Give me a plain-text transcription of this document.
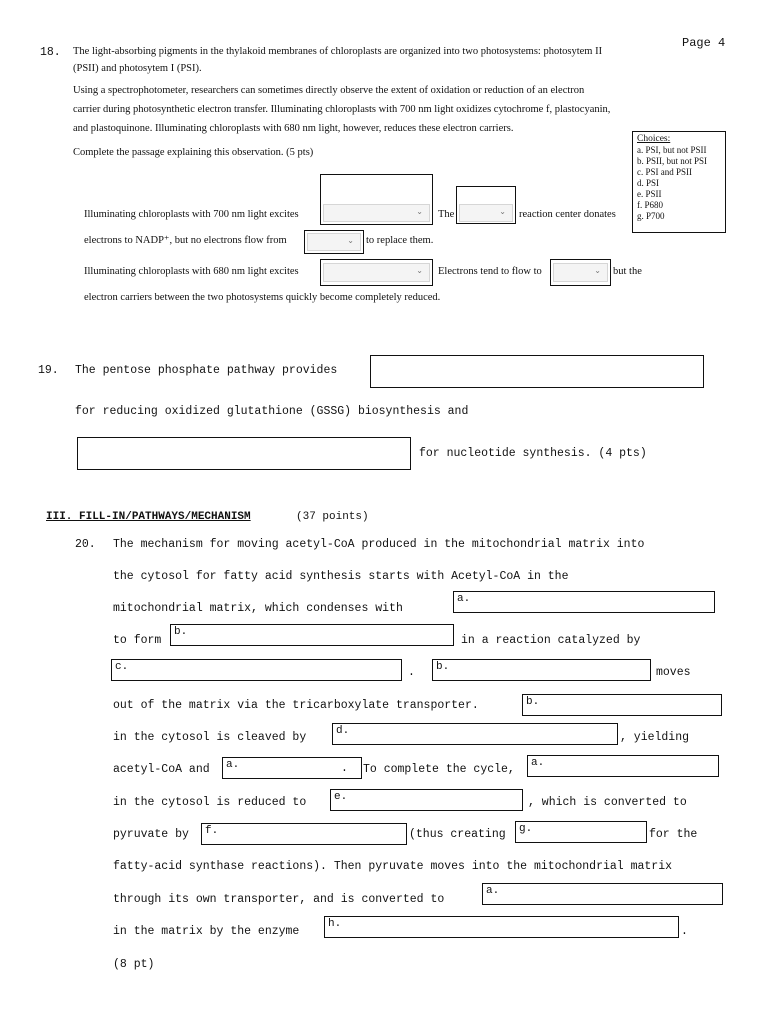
Page 4
18. The light-absorbing pigments in the thylakoid membranes of chloroplasts are organized into two photosystems: photosytem II
(PSII) and photosytem I (PSI).
Using a spectrophotometer, researchers can sometimes directly observe the extent of oxidation or reduction of an electron
carrier during photosynthetic electron transfer. Illuminating chloroplasts with 700 nm light oxidizes cytochrome f, plastocyanin,
and plastoquinone. Illuminating chloroplasts with 680 nm light, however, reduces these electron carriers.
Complete the passage explaining this observation. (5 pts)
Choices:
a. PSI, but not PSII
b. PSII, but not PSI
c. PSI and PSII
d. PSI
e. PSII
f. P680
g. P700
Illuminating chloroplasts with 700 nm light excites	⌄ The	⌄ reaction center donates
electrons to NADP⁺, but no electrons flow from	⌄ to replace them.
Illuminating chloroplasts with 680 nm light excites	⌄ Electrons tend to flow to	⌄ but the
electron carriers between the two photosystems quickly become completely reduced.
19. The pentose phosphate pathway provides
for reducing oxidized glutathione (GSSG) biosynthesis and
for nucleotide synthesis. (4 pts)
III. FILL-IN/PATHWAYS/MECHANISM	(37 points)
20. The mechanism for moving acetyl-CoA produced in the mitochondrial matrix into
the cytosol for fatty acid synthesis starts with Acetyl-CoA in the
mitochondrial matrix, which condenses with
a.
to form
b.
in a reaction catalyzed by
c.	. b.	moves
out of the matrix via the tricarboxylate transporter.	b.
in the cytosol is cleaved by	d.	, yielding
acetyl-CoA and a.	. To complete the cycle, a.
in the cytosol is reduced to	e.	, which is converted to
pyruvate by f.	(thus creating g.	for the
fatty-acid synthase reactions). Then pyruvate moves into the mitochondrial matrix
through its own transporter, and is converted to
a.
in the matrix by the enzyme
h.
.
(8 pt)
